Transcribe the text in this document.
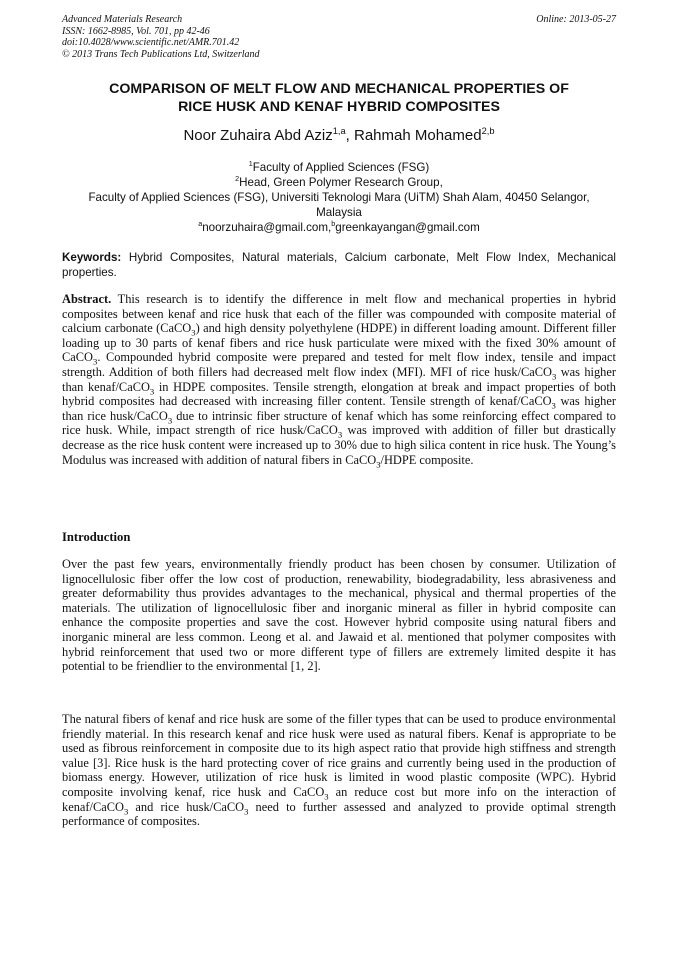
Advanced Materials Research
ISSN: 1662-8985, Vol. 701, pp 42-46
doi:10.4028/www.scientific.net/AMR.701.42
© 2013 Trans Tech Publications Ltd, Switzerland
Online: 2013-05-27
COMPARISON OF MELT FLOW AND MECHANICAL PROPERTIES OF
RICE HUSK AND KENAF HYBRID COMPOSITES
Noor Zuhaira Abd Aziz$^{1,a}$, Rahmah Mohamed$^{2,b}$
$^1$Faculty of Applied Sciences (FSG)
$^2$Head, Green Polymer Research Group,
Faculty of Applied Sciences (FSG), Universiti Teknologi Mara (UiTM) Shah Alam, 40450 Selangor,
Malaysia
$^a$noorzuhaira@gmail.com,$^b$greenkayangan@gmail.com
Keywords: Hybrid Composites, Natural materials, Calcium carbonate, Melt Flow Index, Mechanical properties.
Abstract. This research is to identify the difference in melt flow and mechanical properties in hybrid composites between kenaf and rice husk that each of the filler was compounded with composite material of calcium carbonate (CaCO$_3$) and high density polyethylene (HDPE) in different loading amount. Different filler loading up to 30 parts of kenaf fibers and rice husk particulate were mixed with the fixed 30% amount of CaCO$_3$. Compounded hybrid composite were prepared and tested for melt flow index, tensile and impact strength. Addition of both fillers had decreased melt flow index (MFI). MFI of rice husk/CaCO$_3$ was higher than kenaf/CaCO$_3$ in HDPE composites. Tensile strength, elongation at break and impact properties of both hybrid composites had decreased with increasing filler content. Tensile strength of kenaf/CaCO$_3$ was higher than rice husk/CaCO$_3$ due to intrinsic fiber structure of kenaf which has some reinforcing effect compared to rice husk. While, impact strength of rice husk/CaCO$_3$ was improved with addition of filler but drastically decrease as the rice husk content were increased up to 30% due to high silica content in rice husk. The Young’s Modulus was increased with addition of natural fibers in CaCO$_3$/HDPE composite.
Introduction
Over the past few years, environmentally friendly product has been chosen by consumer. Utilization of lignocellulosic fiber offer the low cost of production, renewability, biodegradability, less abrasiveness and greater deformability thus provides advantages to the mechanical, physical and thermal properties of the materials. The utilization of lignocellulosic fiber and inorganic mineral as filler in hybrid composite can enhance the composite properties and save the cost. However hybrid composite using natural fibers and inorganic mineral are less common. Leong et al. and Jawaid et al. mentioned that polymer composites with hybrid reinforcement that used two or more different type of fillers are extremely limited despite it has potential to be friendlier to the environmental [1, 2].
The natural fibers of kenaf and rice husk are some of the filler types that can be used to produce environmental friendly material. In this research kenaf and rice husk were used as natural fibers. Kenaf is appropriate to be used as fibrous reinforcement in composite due to its high aspect ratio that provide high stiffness and strength value [3]. Rice husk is the hard protecting cover of rice grains and currently being used in the production of biomass energy. However, utilization of rice husk is limited in wood plastic composite (WPC). Hybrid composite involving kenaf, rice husk and CaCO$_3$ an reduce cost but more info on the interaction of kenaf/CaCO$_3$ and rice husk/CaCO$_3$ need to further assessed and analyzed to provide optimal strength performance of composites.
